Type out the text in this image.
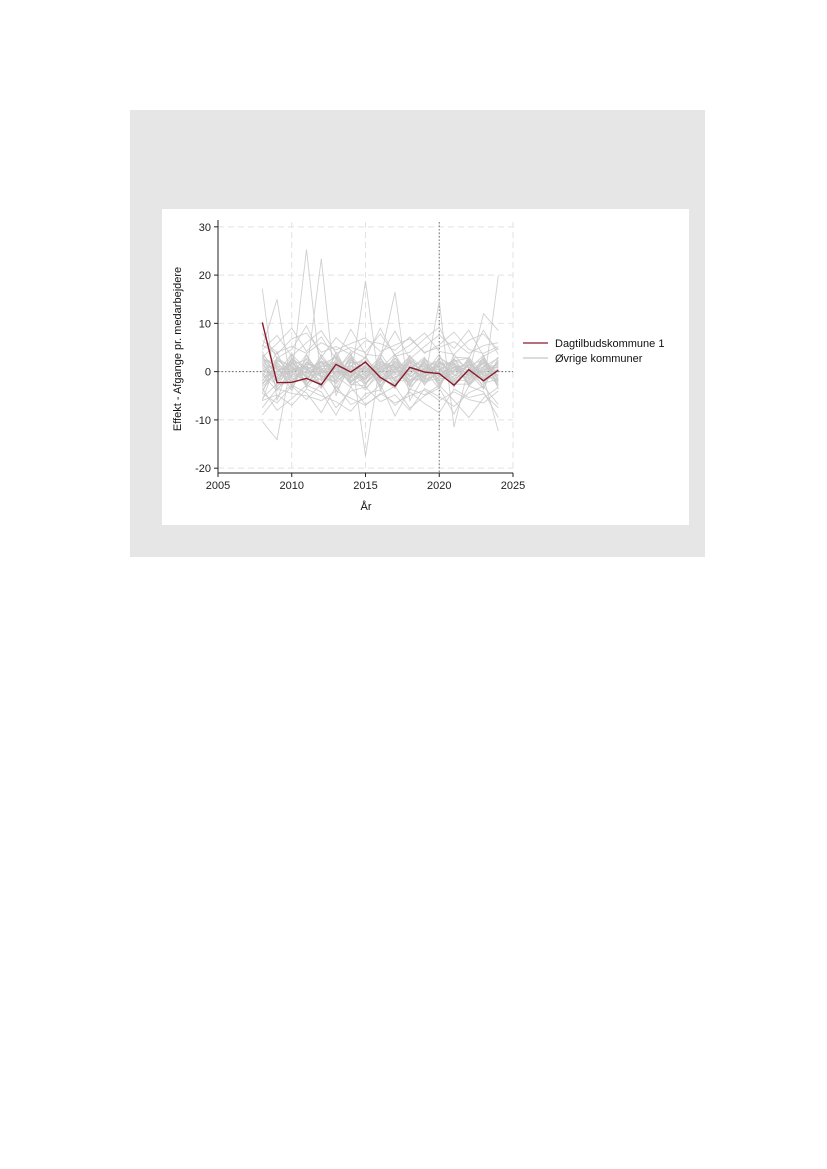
-20
-10
0
10
20
30
2005	2010	2015	2020	2025
Effekt - Afgange pr. medarbejdere
År
Dagtilbudskommune 1
Øvrige kommuner
